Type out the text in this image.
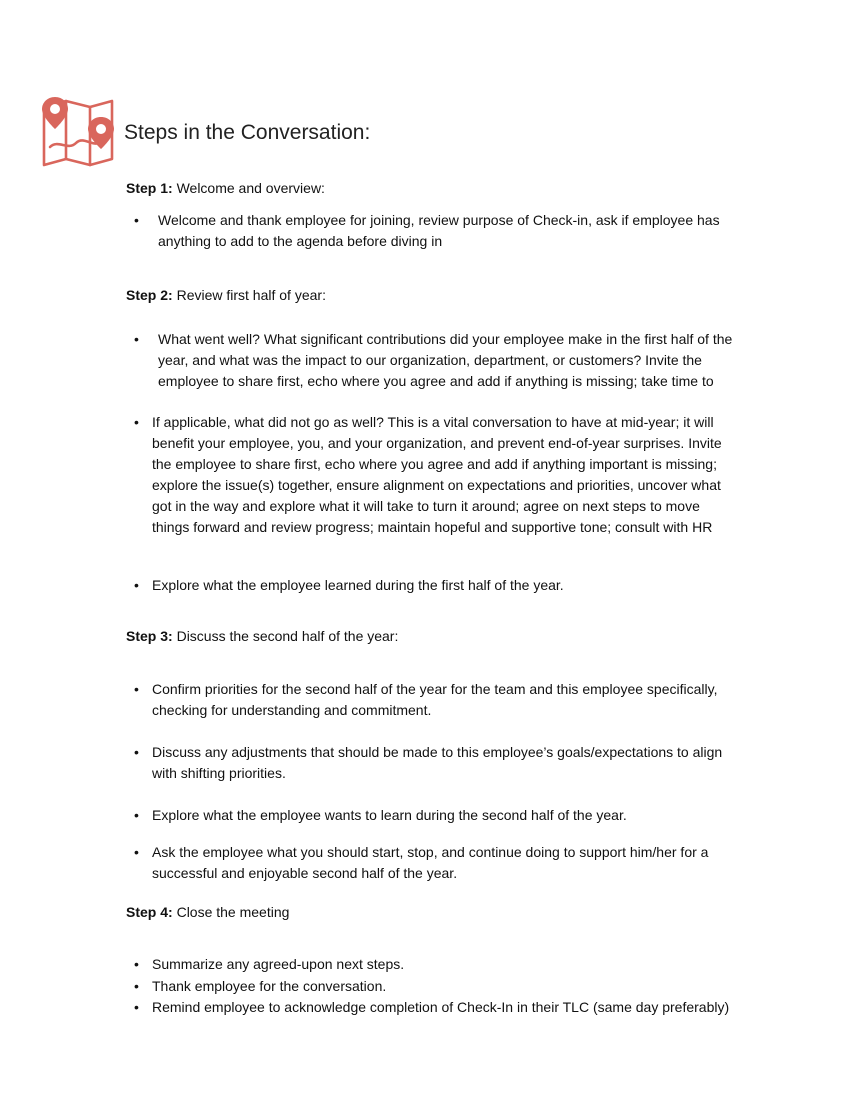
Steps in the Conversation:
Step 1: Welcome and overview:
• Welcome and thank employee for joining, review purpose of Check-in, ask if employee has
anything to add to the agenda before diving in
Step 2: Review first half of year:
• What went well? What significant contributions did your employee make in the first half of the
year, and what was the impact to our organization, department, or customers? Invite the
employee to share first, echo where you agree and add if anything is missing; take time to
• If applicable, what did not go as well? This is a vital conversation to have at mid-year; it will
benefit your employee, you, and your organization, and prevent end-of-year surprises. Invite
the employee to share first, echo where you agree and add if anything important is missing;
explore the issue(s) together, ensure alignment on expectations and priorities, uncover what
got in the way and explore what it will take to turn it around; agree on next steps to move
things forward and review progress; maintain hopeful and supportive tone; consult with HR
• Explore what the employee learned during the first half of the year.
Step 3: Discuss the second half of the year:
• Confirm priorities for the second half of the year for the team and this employee specifically,
checking for understanding and commitment.
• Discuss any adjustments that should be made to this employee’s goals/expectations to align
with shifting priorities.
• Explore what the employee wants to learn during the second half of the year.
• Ask the employee what you should start, stop, and continue doing to support him/her for a
successful and enjoyable second half of the year.
Step 4: Close the meeting
• Summarize any agreed-upon next steps.
• Thank employee for the conversation.
• Remind employee to acknowledge completion of Check-In in their TLC (same day preferably)
